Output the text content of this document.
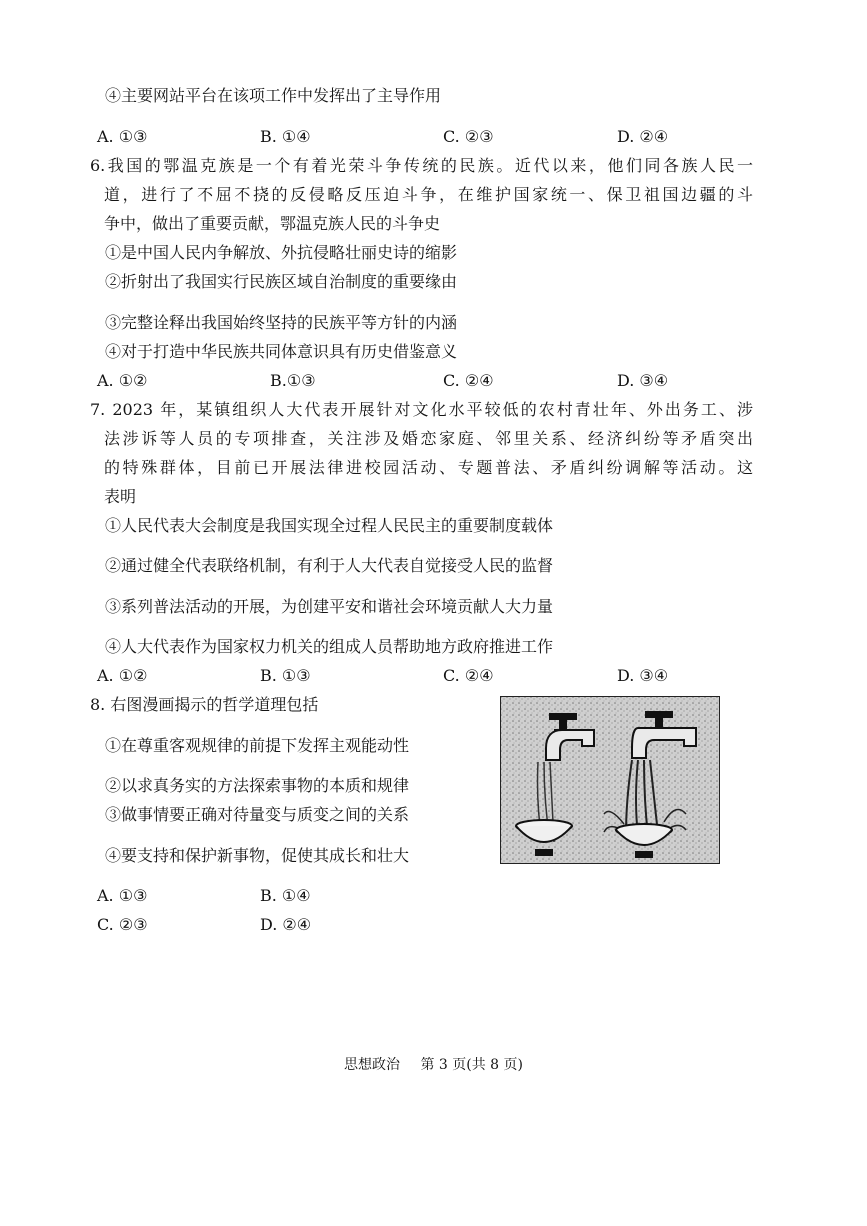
④主要网站平台在该项工作中发挥出了主导作用
A. ①③	B. ①④	C. ②③	D. ②④
6.我国的鄂温克族是一个有着光荣斗争传统的民族。近代以来，他们同各族人民一
道，进行了不屈不挠的反侵略反压迫斗争，在维护国家统一、保卫祖国边疆的斗
争中，做出了重要贡献，鄂温克族人民的斗争史
①是中国人民内争解放、外抗侵略壮丽史诗的缩影
②折射出了我国实行民族区域自治制度的重要缘由
③完整诠释出我国始终坚持的民族平等方针的内涵
④对于打造中华民族共同体意识具有历史借鉴意义
A. ①②	B.①③	C. ②④	D. ③④
7. 2023 年，某镇组织人大代表开展针对文化水平较低的农村青壮年、外出务工、涉
法涉诉等人员的专项排查，关注涉及婚恋家庭、邻里关系、经济纠纷等矛盾突出
的特殊群体，目前已开展法律进校园活动、专题普法、矛盾纠纷调解等活动。这
表明
①人民代表大会制度是我国实现全过程人民民主的重要制度载体
②通过健全代表联络机制，有利于人大代表自觉接受人民的监督
③系列普法活动的开展，为创建平安和谐社会环境贡献人大力量
④人大代表作为国家权力机关的组成人员帮助地方政府推进工作
A. ①②	B. ①③	C. ②④	D. ③④
8. 右图漫画揭示的哲学道理包括
①在尊重客观规律的前提下发挥主观能动性
②以求真务实的方法探索事物的本质和规律
③做事情要正确对待量变与质变之间的关系
④要支持和保护新事物，促使其成长和壮大
A. ①③	B. ①④
C. ②③	D. ②④
思想政治 第 3 页(共 8 页)
